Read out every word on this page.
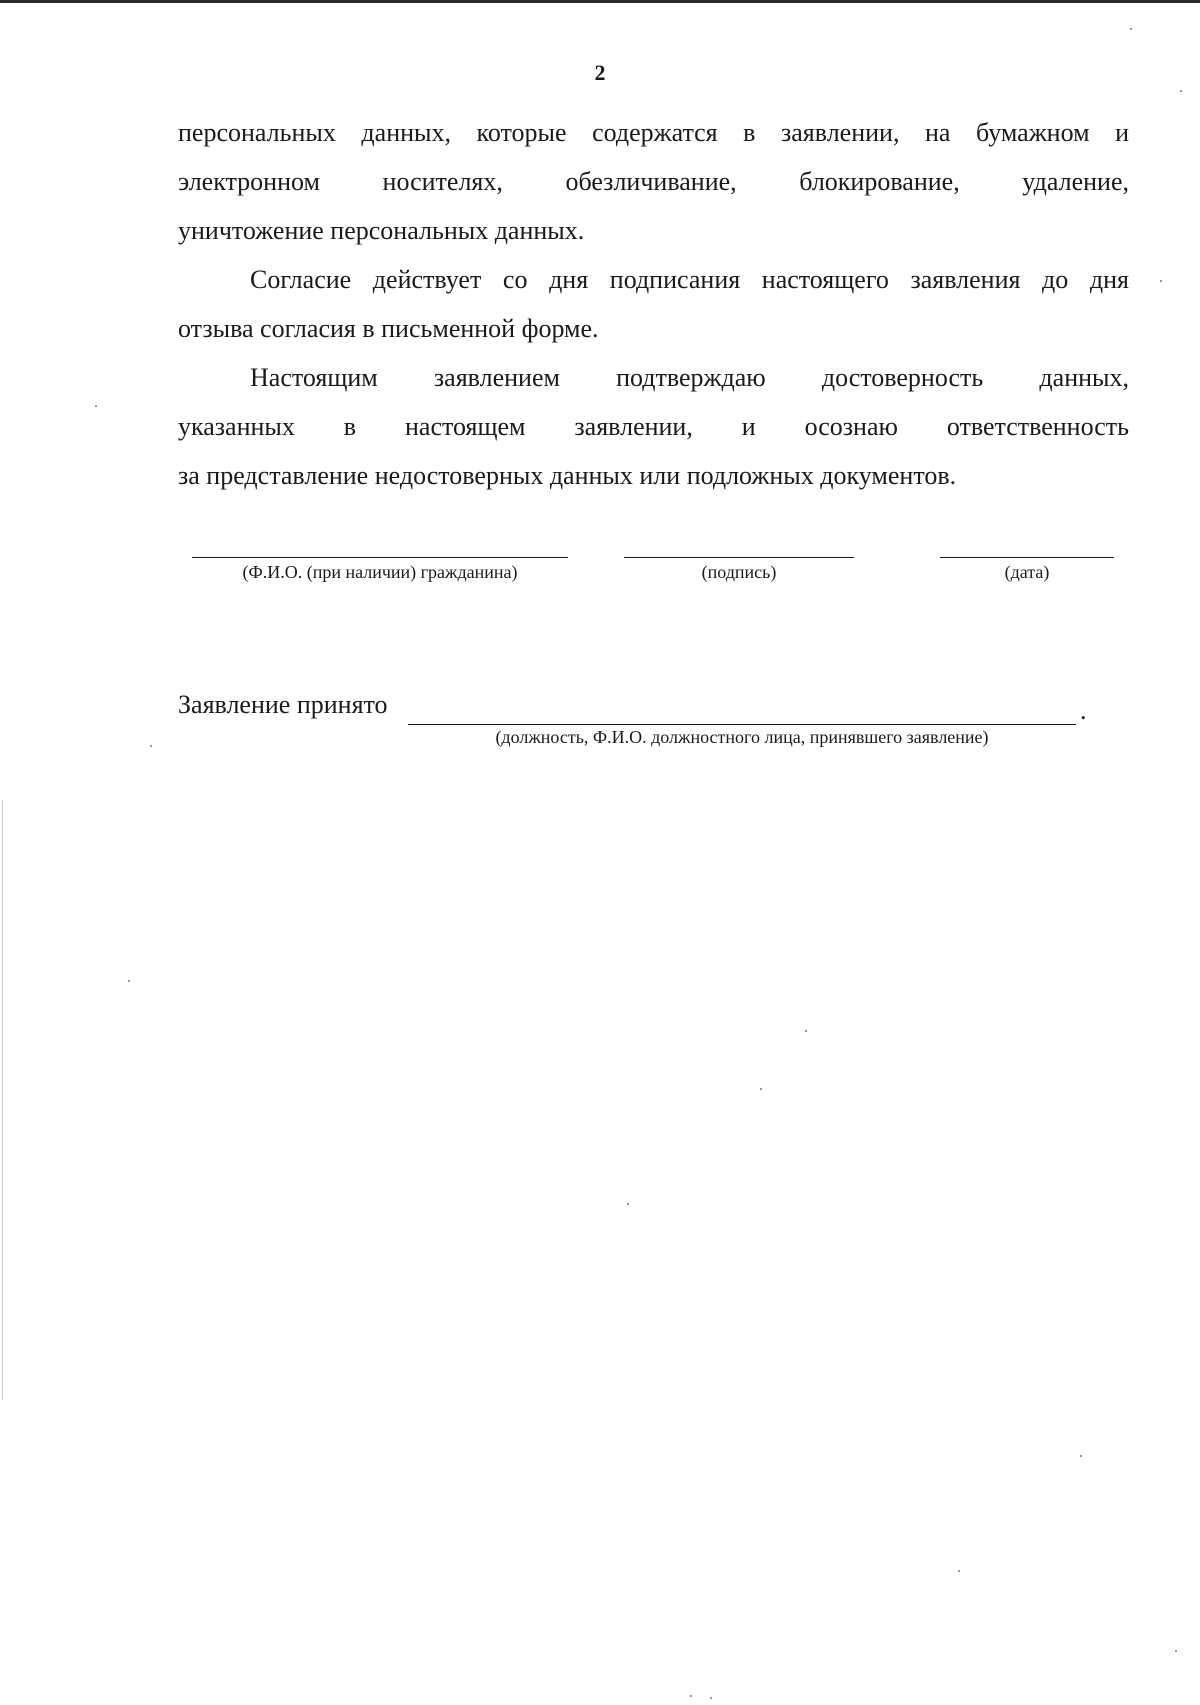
2
персональных данных, которые содержатся в заявлении, на бумажном и
электронном носителях, обезличивание, блокирование, удаление,
уничтожение персональных данных.
Согласие действует со дня подписания настоящего заявления до дня
отзыва согласия в письменной форме.
Настоящим заявлением подтверждаю достоверность данных,
указанных в настоящем заявлении, и осознаю ответственность
за представление недостоверных данных или подложных документов.
(Ф.И.О. (при наличии) гражданина)	(подпись)	(дата)
Заявление принято	.
(должность, Ф.И.О. должностного лица, принявшего заявление)
